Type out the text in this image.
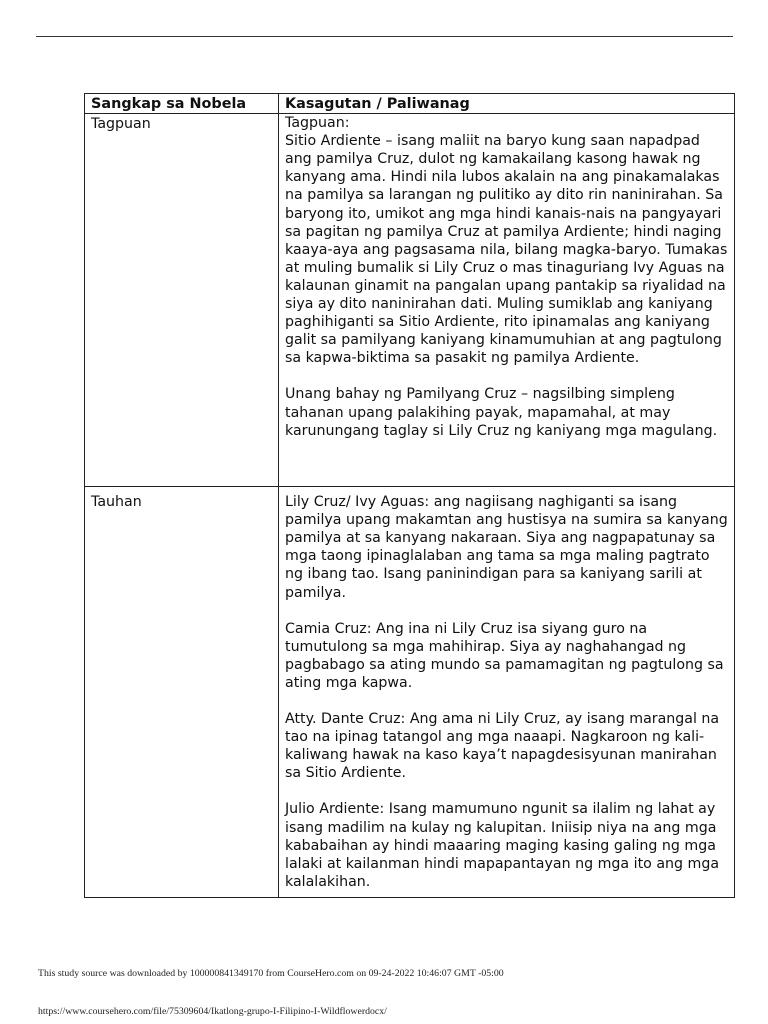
Sangkap sa Nobela	Kasagutan / Paliwanag
Tagpuan	Tagpuan:
Sitio Ardiente – isang maliit na baryo kung saan napadpad ang pamilya Cruz, dulot ng kamakailang kasong hawak ng kanyang ama. Hindi nila lubos akalain na ang pinakamalakas na pamilya sa larangan ng pulitiko ay dito rin naninirahan. Sa baryong ito, umikot ang mga hindi kanais-nais na pangyayari sa pagitan ng pamilya Cruz at pamilya Ardiente; hindi naging kaaya-aya ang pagsasama nila, bilang magka-baryo. Tumakas at muling bumalik si Lily Cruz o mas tinaguriang Ivy Aguas na kalaunan ginamit na pangalan upang pantakip sa riyalidad na siya ay dito naninirahan dati. Muling sumiklab ang kaniyang paghihiganti sa Sitio Ardiente, rito ipinamalas ang kaniyang galit sa pamilyang kaniyang kinamumuhian at ang pagtulong sa kapwa-biktima sa pasakit ng pamilya Ardiente.

Unang bahay ng Pamilyang Cruz – nagsilbing simpleng tahanan upang palakihing payak, mapamahal, at may karunungang taglay si Lily Cruz ng kaniyang mga magulang.

Tauhan	Lily Cruz/ Ivy Aguas: ang nagiisang naghiganti sa isang pamilya upang makamtan ang hustisya na sumira sa kanyang pamilya at sa kanyang nakaraan. Siya ang nagpapatunay sa mga taong ipinaglalaban ang tama sa mga maling pagtrato ng ibang tao. Isang paninindigan para sa kaniyang sarili at pamilya.

Camia Cruz: Ang ina ni Lily Cruz isa siyang guro na tumutulong sa mga mahihirap. Siya ay naghahangad ng pagbabago sa ating mundo sa pamamagitan ng pagtulong sa ating mga kapwa.

Atty. Dante Cruz: Ang ama ni Lily Cruz, ay isang marangal na tao na ipinag tatangol ang mga naaapi. Nagkaroon ng kali-kaliwang hawak na kaso kaya’t napagdesisyunan manirahan sa Sitio Ardiente.

Julio Ardiente: Isang mamumuno ngunit sa ilalim ng lahat ay isang madilim na kulay ng kalupitan. Iniisip niya na ang mga kababaihan ay hindi maaaring maging kasing galing ng mga lalaki at kailanman hindi mapapantayan ng mga ito ang mga kalalakihan.

This study source was downloaded by 100000841349170 from CourseHero.com on 09-24-2022 10:46:07 GMT -05:00
https://www.coursehero.com/file/75309604/Ikatlong-grupo-I-Filipino-I-Wildflowerdocx/
